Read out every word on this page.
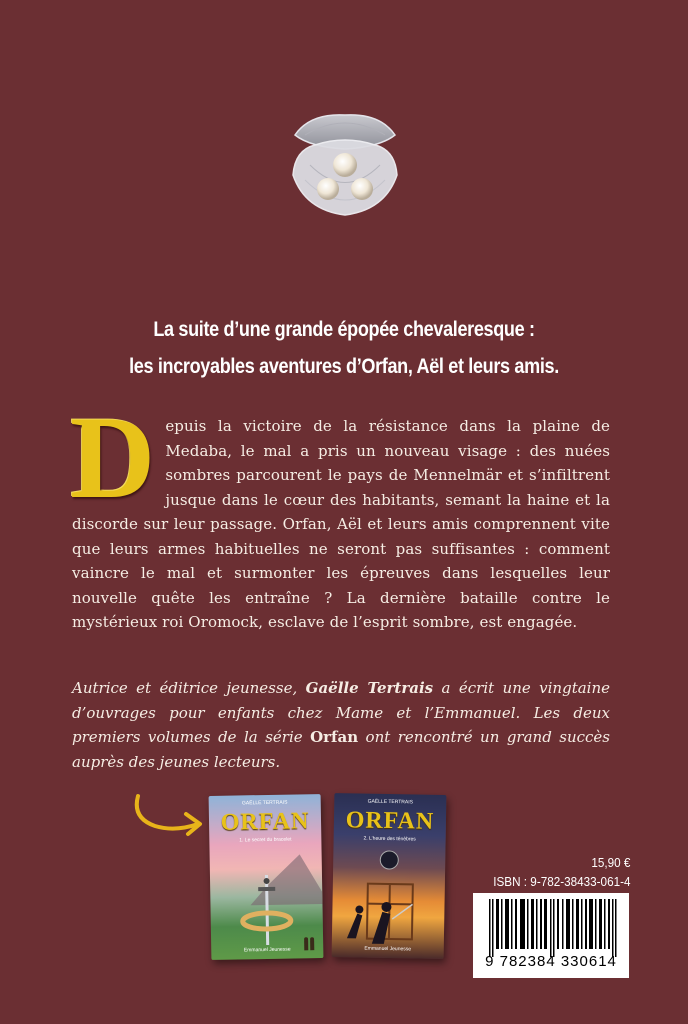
La suite d’une grande épopée chevaleresque :
les incroyables aventures d’Orfan, Aël et leurs amis.
D epuis la victoire de la résistance dans la plaine de Medaba, le mal a pris un nouveau visage : des nuées sombres parcourent le pays de Mennelmär et s’infiltrent jusque dans le cœur des habitants, semant la haine et la discorde sur leur passage. Orfan, Aël et leurs amis comprennent vite que leurs armes habituelles ne seront pas suffisantes : comment vaincre le mal et surmonter les épreuves dans lesquelles leur nouvelle quête les entraîne ? La dernière bataille contre le mystérieux roi Oromock, esclave de l’esprit sombre, est engagée.
Autrice et éditrice jeunesse, Gaëlle Tertrais a écrit une vingtaine d’ouvrages pour enfants chez Mame et l’Emmanuel. Les deux premiers volumes de la série Orfan ont rencontré un grand succès auprès des jeunes lecteurs.
GAËLLE TERTRAIS
ORFAN
1. Le secret du bracelet
Emmanuel Jeunesse
GAËLLE TERTRAIS
ORFAN
2. L’heure des ténèbres
Emmanuel Jeunesse
15,90 €
ISBN : 9-782-38433-061-4
9 782384 330614
